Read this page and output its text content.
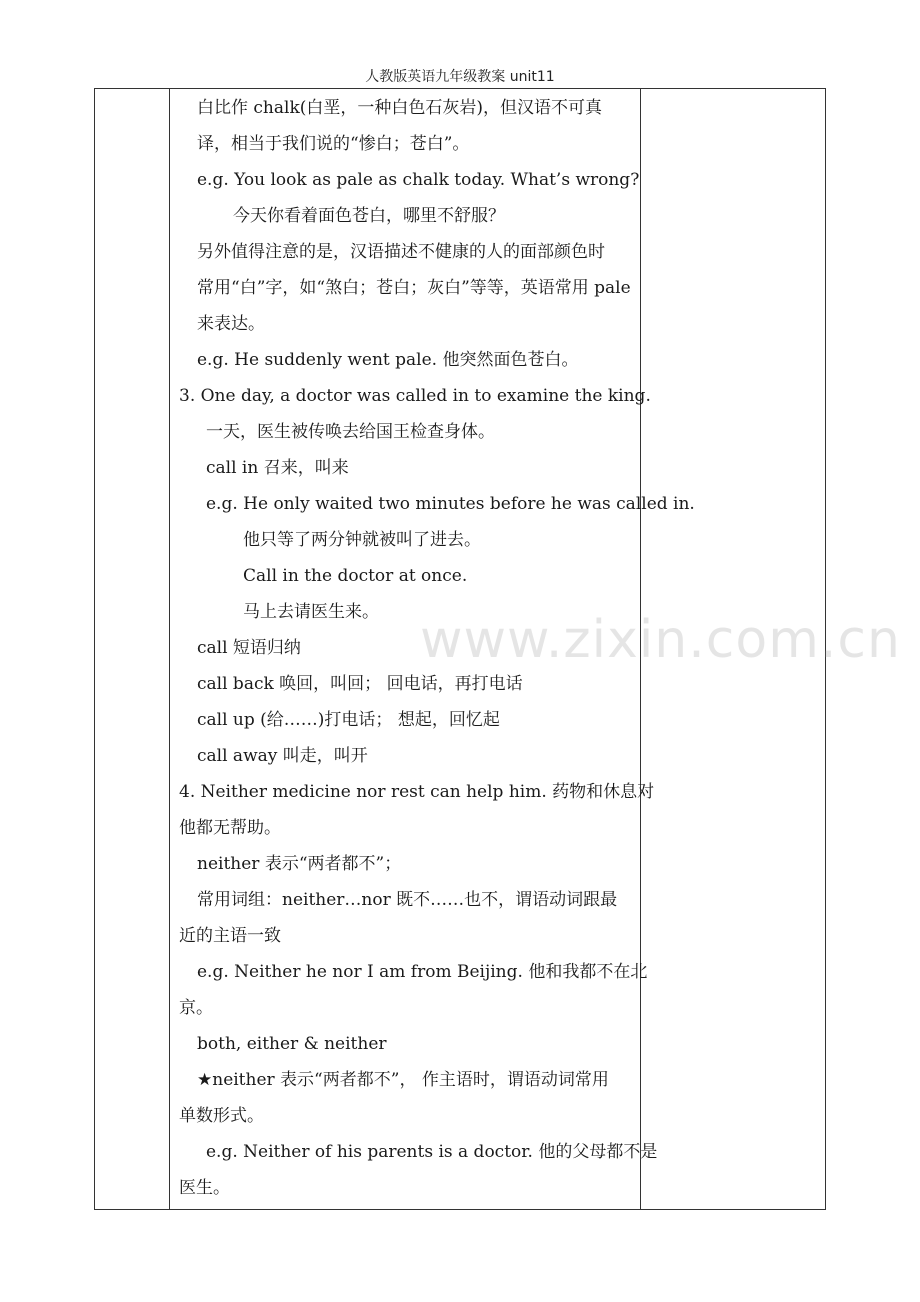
人教版英语九年级教案 unit11
白比作 chalk(白垩，一种白色石灰岩)，但汉语不可真
译，相当于我们说的“惨白；苍白”。
e.g. You look as pale as chalk today. What’s wrong?
今天你看着面色苍白，哪里不舒服？
另外值得注意的是，汉语描述不健康的人的面部颜色时
常用“白”字，如“煞白；苍白；灰白”等等，英语常用 pale
来表达。
e.g. He suddenly went pale. 他突然面色苍白。
3. One day, a doctor was called in to examine the king.
一天，医生被传唤去给国王检查身体。
call in 召来，叫来
e.g. He only waited two minutes before he was called in.
他只等了两分钟就被叫了进去。
Call in the doctor at once.
马上去请医生来。
call 短语归纳
call back 唤回，叫回； 回电话，再打电话
call up (给……)打电话； 想起，回忆起
call away 叫走，叫开
4. Neither medicine nor rest can help him. 药物和休息对
他都无帮助。
neither 表示“两者都不”；
常用词组：neither…nor 既不……也不，谓语动词跟最
近的主语一致
e.g. Neither he nor I am from Beijing. 他和我都不在北
京。
both, either & neither
★neither 表示“两者都不”， 作主语时，谓语动词常用
单数形式。
e.g. Neither of his parents is a doctor. 他的父母都不是
医生。
www.zixin.com.cn
